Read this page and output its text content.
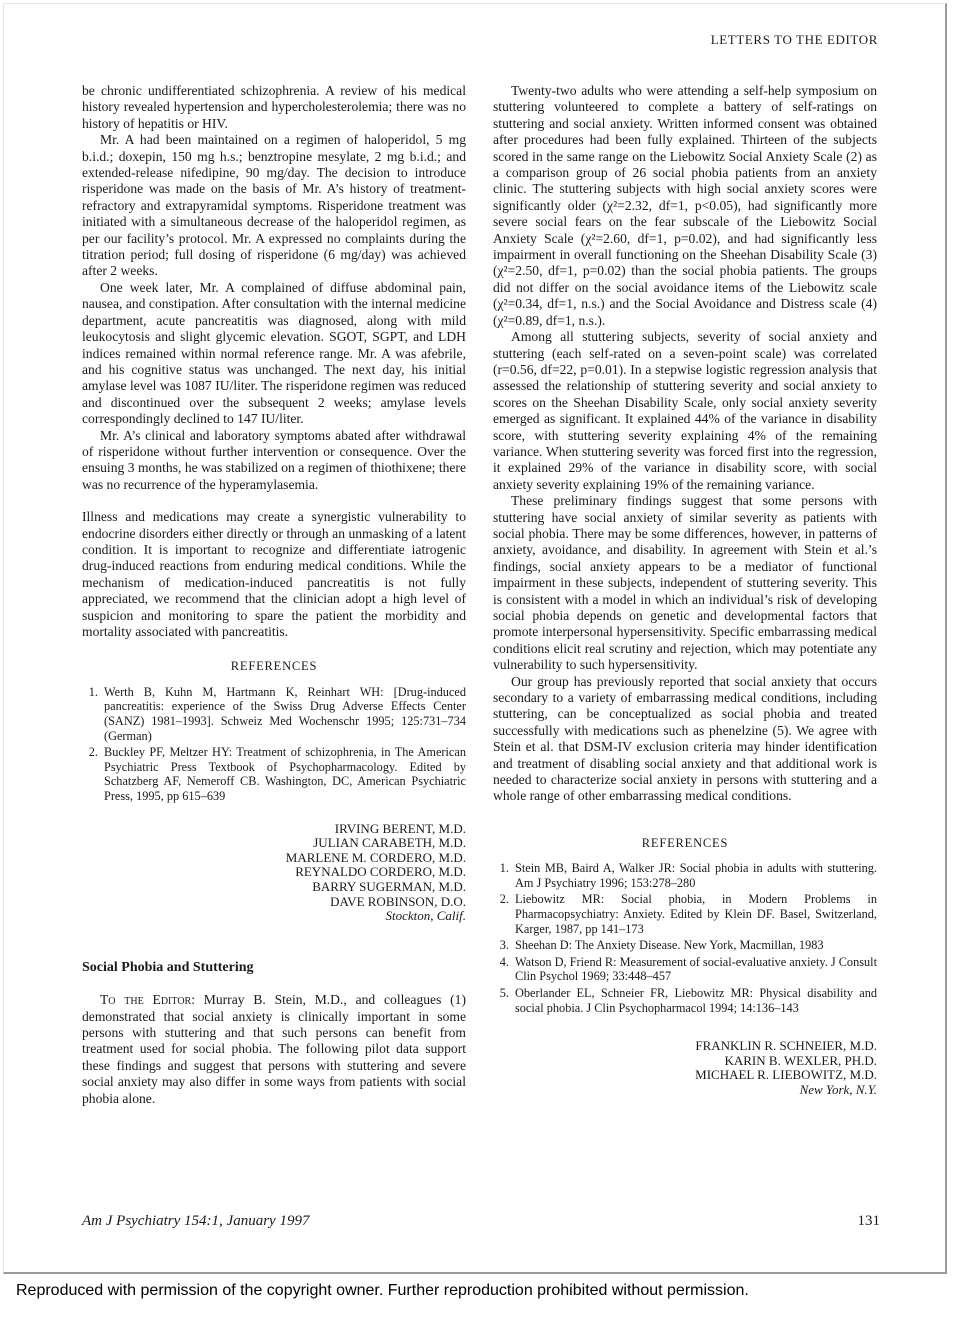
LETTERS TO THE EDITOR

be chronic undifferentiated schizophrenia. A review of his medical history revealed hypertension and hypercholesterolemia; there was no history of hepatitis or HIV.

Mr. A had been maintained on a regimen of haloperidol, 5 mg b.i.d.; doxepin, 150 mg h.s.; benztropine mesylate, 2 mg b.i.d.; and extended-release nifedipine, 90 mg/day. The decision to introduce risperidone was made on the basis of Mr. A’s history of treatment-refractory and extrapyramidal symptoms. Risperidone treatment was initiated with a simultaneous decrease of the haloperidol regimen, as per our facility’s protocol. Mr. A expressed no complaints during the titration period; full dosing of risperidone (6 mg/day) was achieved after 2 weeks.

One week later, Mr. A complained of diffuse abdominal pain, nausea, and constipation. After consultation with the internal medicine department, acute pancreatitis was diagnosed, along with mild leukocytosis and slight glycemic elevation. SGOT, SGPT, and LDH indices remained within normal reference range. Mr. A was afebrile, and his cognitive status was unchanged. The next day, his initial amylase level was 1087 IU/liter. The risperidone regimen was reduced and discontinued over the subsequent 2 weeks; amylase levels correspondingly declined to 147 IU/liter.

Mr. A’s clinical and laboratory symptoms abated after withdrawal of risperidone without further intervention or consequence. Over the ensuing 3 months, he was stabilized on a regimen of thiothixene; there was no recurrence of the hyperamylasemia.

Illness and medications may create a synergistic vulnerability to endocrine disorders either directly or through an unmasking of a latent condition. It is important to recognize and differentiate iatrogenic drug-induced reactions from enduring medical conditions. While the mechanism of medication-induced pancreatitis is not fully appreciated, we recommend that the clinician adopt a high level of suspicion and monitoring to spare the patient the morbidity and mortality associated with pancreatitis.

REFERENCES
1. Werth B, Kuhn M, Hartmann K, Reinhart WH: [Drug-induced pancreatitis: experience of the Swiss Drug Adverse Effects Center (SANZ) 1981–1993]. Schweiz Med Wochenschr 1995; 125:731–734 (German)
2. Buckley PF, Meltzer HY: Treatment of schizophrenia, in The American Psychiatric Press Textbook of Psychopharmacology. Edited by Schatzberg AF, Nemeroff CB. Washington, DC, American Psychiatric Press, 1995, pp 615–639
IRVING BERENT, M.D.
JULIAN CARABETH, M.D.
MARLENE M. CORDERO, M.D.
REYNALDO CORDERO, M.D.
BARRY SUGERMAN, M.D.
DAVE ROBINSON, D.O.
Stockton, Calif.
Social Phobia and Stuttering

To the Editor: Murray B. Stein, M.D., and colleagues (1) demonstrated that social anxiety is clinically important in some persons with stuttering and that such persons can benefit from treatment used for social phobia. The following pilot data support these findings and suggest that persons with stuttering and severe social anxiety may also differ in some ways from patients with social phobia alone.

Twenty-two adults who were attending a self-help symposium on stuttering volunteered to complete a battery of self-ratings on stuttering and social anxiety. Written informed consent was obtained after procedures had been fully explained. Thirteen of the subjects scored in the same range on the Liebowitz Social Anxiety Scale (2) as a comparison group of 26 social phobia patients from an anxiety clinic. The stuttering subjects with high social anxiety scores were significantly older (χ²=2.32, df=1, p<0.05), had significantly more severe social fears on the fear subscale of the Liebowitz Social Anxiety Scale (χ²=2.60, df=1, p=0.02), and had significantly less impairment in overall functioning on the Sheehan Disability Scale (3) (χ²=2.50, df=1, p=0.02) than the social phobia patients. The groups did not differ on the social avoidance items of the Liebowitz scale (χ²=0.34, df=1, n.s.) and the Social Avoidance and Distress scale (4) (χ²=0.89, df=1, n.s.).

Among all stuttering subjects, severity of social anxiety and stuttering (each self-rated on a seven-point scale) was correlated (r=0.56, df=22, p=0.01). In a stepwise logistic regression analysis that assessed the relationship of stuttering severity and social anxiety to scores on the Sheehan Disability Scale, only social anxiety severity emerged as significant. It explained 44% of the variance in disability score, with stuttering severity explaining 4% of the remaining variance. When stuttering severity was forced first into the regression, it explained 29% of the variance in disability score, with social anxiety severity explaining 19% of the remaining variance.

These preliminary findings suggest that some persons with stuttering have social anxiety of similar severity as patients with social phobia. There may be some differences, however, in patterns of anxiety, avoidance, and disability. In agreement with Stein et al.’s findings, social anxiety appears to be a mediator of functional impairment in these subjects, independent of stuttering severity. This is consistent with a model in which an individual’s risk of developing social phobia depends on genetic and developmental factors that promote interpersonal hypersensitivity. Specific embarrassing medical conditions elicit real scrutiny and rejection, which may potentiate any vulnerability to such hypersensitivity.

Our group has previously reported that social anxiety that occurs secondary to a variety of embarrassing medical conditions, including stuttering, can be conceptualized as social phobia and treated successfully with medications such as phenelzine (5). We agree with Stein et al. that DSM-IV exclusion criteria may hinder identification and treatment of disabling social anxiety and that additional work is needed to characterize social anxiety in persons with stuttering and a whole range of other embarrassing medical conditions.

REFERENCES
1. Stein MB, Baird A, Walker JR: Social phobia in adults with stuttering. Am J Psychiatry 1996; 153:278–280
2. Liebowitz MR: Social phobia, in Modern Problems in Pharmacopsychiatry: Anxiety. Edited by Klein DF. Basel, Switzerland, Karger, 1987, pp 141–173
3. Sheehan D: The Anxiety Disease. New York, Macmillan, 1983
4. Watson D, Friend R: Measurement of social-evaluative anxiety. J Consult Clin Psychol 1969; 33:448–457
5. Oberlander EL, Schneier FR, Liebowitz MR: Physical disability and social phobia. J Clin Psychopharmacol 1994; 14:136–143
FRANKLIN R. SCHNEIER, M.D.
KARIN B. WEXLER, PH.D.
MICHAEL R. LIEBOWITZ, M.D.
New York, N.Y.
Am J Psychiatry 154:1, January 1997	131
Reproduced with permission of the copyright owner. Further reproduction prohibited without permission.
